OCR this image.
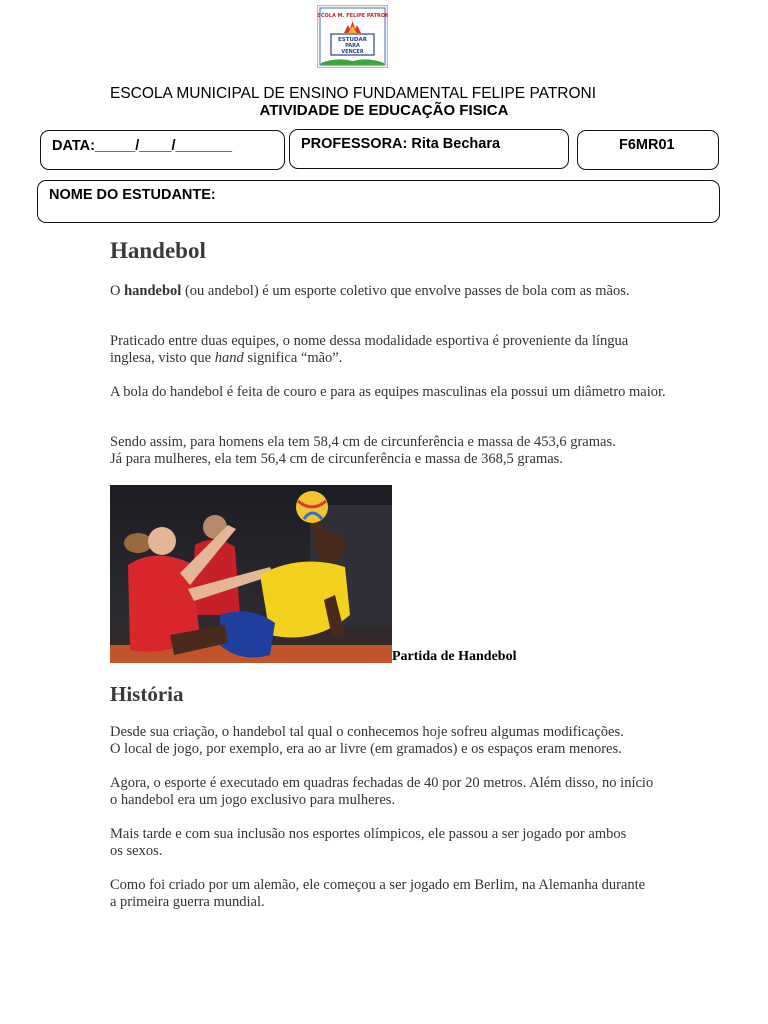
ESCOLA M. FELIPE PATRONI
ESTUDAR
PARA
VENCER
ESCOLA MUNICIPAL DE ENSINO FUNDAMENTAL FELIPE PATRONI
ATIVIDADE DE EDUCAÇÃO FISICA
DATA:_____/____/_______	PROFESSORA: Rita Bechara	F6MR01
NOME DO ESTUDANTE:
Handebol
O handebol (ou andebol) é um esporte coletivo que envolve passes de bola com as mãos.
Praticado entre duas equipes, o nome dessa modalidade esportiva é proveniente da língua inglesa, visto que hand significa “mão”.
A bola do handebol é feita de couro e para as equipes masculinas ela possui um diâmetro maior.
Sendo assim, para homens ela tem 58,4 cm de circunferência e massa de 453,6 gramas.
Já para mulheres, ela tem 56,4 cm de circunferência e massa de 368,5 gramas.
Partida de Handebol
História
Desde sua criação, o handebol tal qual o conhecemos hoje sofreu algumas modificações.
O local de jogo, por exemplo, era ao ar livre (em gramados) e os espaços eram menores.
Agora, o esporte é executado em quadras fechadas de 40 por 20 metros. Além disso, no início o handebol era um jogo exclusivo para mulheres.
Mais tarde e com sua inclusão nos esportes olímpicos, ele passou a ser jogado por ambos os sexos.
Como foi criado por um alemão, ele começou a ser jogado em Berlim, na Alemanha durante a primeira guerra mundial.
